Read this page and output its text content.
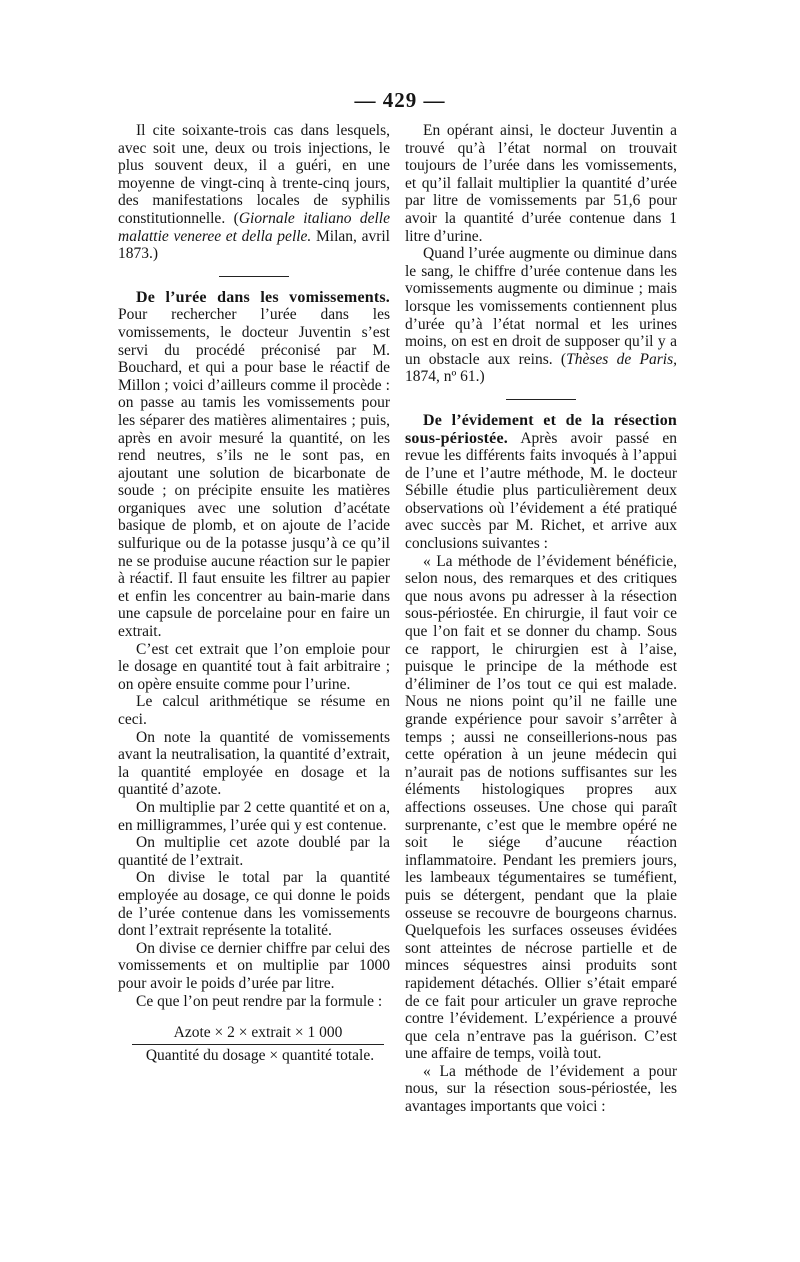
— 429 —

Il cite soixante-trois cas dans lesquels, avec soit une, deux ou trois injections, le plus souvent deux, il a guéri, en une moyenne de vingt-cinq à trente-cinq jours, des manifestations locales de syphilis constitutionnelle. (Giornale italiano delle malattie veneree et della pelle. Milan, avril 1873.)

De l’urée dans les vomissements. Pour rechercher l’urée dans les vomissements, le docteur Juventin s’est servi du procédé préconisé par M. Bouchard, et qui a pour base le réactif de Millon ; voici d’ailleurs comme il procède : on passe au tamis les vomissements pour les séparer des matières alimentaires ; puis, après en avoir mesuré la quantité, on les rend neutres, s’ils ne le sont pas, en ajoutant une solution de bicarbonate de soude ; on précipite ensuite les matières organiques avec une solution d’acétate basique de plomb, et on ajoute de l’acide sulfurique ou de la potasse jusqu’à ce qu’il ne se produise aucune réaction sur le papier à réactif. Il faut ensuite les filtrer au papier et enfin les concentrer au bain-marie dans une capsule de porcelaine pour en faire un extrait.

C’est cet extrait que l’on emploie pour le dosage en quantité tout à fait arbitraire ; on opère ensuite comme pour l’urine.

Le calcul arithmétique se résume en ceci.

On note la quantité de vomissements avant la neutralisation, la quantité d’extrait, la quantité employée en dosage et la quantité d’azote.

On multiplie par 2 cette quantité et on a, en milligrammes, l’urée qui y est contenue.

On multiplie cet azote doublé par la quantité de l’extrait.

On divise le total par la quantité employée au dosage, ce qui donne le poids de l’urée contenue dans les vomissements dont l’extrait représente la totalité.

On divise ce dernier chiffre par celui des vomissements et on multiplie par 1000 pour avoir le poids d’urée par litre.

Ce que l’on peut rendre par la formule :

Azote × 2 × extrait × 1 000
Quantité du dosage × quantité totale.

En opérant ainsi, le docteur Juventin a trouvé qu’à l’état normal on trouvait toujours de l’urée dans les vomissements, et qu’il fallait multiplier la quantité d’urée par litre de vomissements par 51,6 pour avoir la quantité d’urée contenue dans 1 litre d’urine.

Quand l’urée augmente ou diminue dans le sang, le chiffre d’urée contenue dans les vomissements augmente ou diminue ; mais lorsque les vomissements contiennent plus d’urée qu’à l’état normal et les urines moins, on est en droit de supposer qu’il y a un obstacle aux reins. (Thèses de Paris, 1874, nº 61.)

De l’évidement et de la résection sous-périostée. Après avoir passé en revue les différents faits invoqués à l’appui de l’une et l’autre méthode, M. le docteur Sébille étudie plus particulièrement deux observations où l’évidement a été pratiqué avec succès par M. Richet, et arrive aux conclusions suivantes :

« La méthode de l’évidement bénéficie, selon nous, des remarques et des critiques que nous avons pu adresser à la résection sous-périostée. En chirurgie, il faut voir ce que l’on fait et se donner du champ. Sous ce rapport, le chirurgien est à l’aise, puisque le principe de la méthode est d’éliminer de l’os tout ce qui est malade. Nous ne nions point qu’il ne faille une grande expérience pour savoir s’arrêter à temps ; aussi ne conseillerions-nous pas cette opération à un jeune médecin qui n’aurait pas de notions suffisantes sur les éléments histologiques propres aux affections osseuses. Une chose qui paraît surprenante, c’est que le membre opéré ne soit le siége d’aucune réaction inflammatoire. Pendant les premiers jours, les lambeaux tégumentaires se tuméfient, puis se détergent, pendant que la plaie osseuse se recouvre de bourgeons charnus. Quelquefois les surfaces osseuses évidées sont atteintes de nécrose partielle et de minces séquestres ainsi produits sont rapidement détachés. Ollier s’était emparé de ce fait pour articuler un grave reproche contre l’évidement. L’expérience a prouvé que cela n’entrave pas la guérison. C’est une affaire de temps, voilà tout.

« La méthode de l’évidement a pour nous, sur la résection sous-périostée, les avantages importants que voici :
